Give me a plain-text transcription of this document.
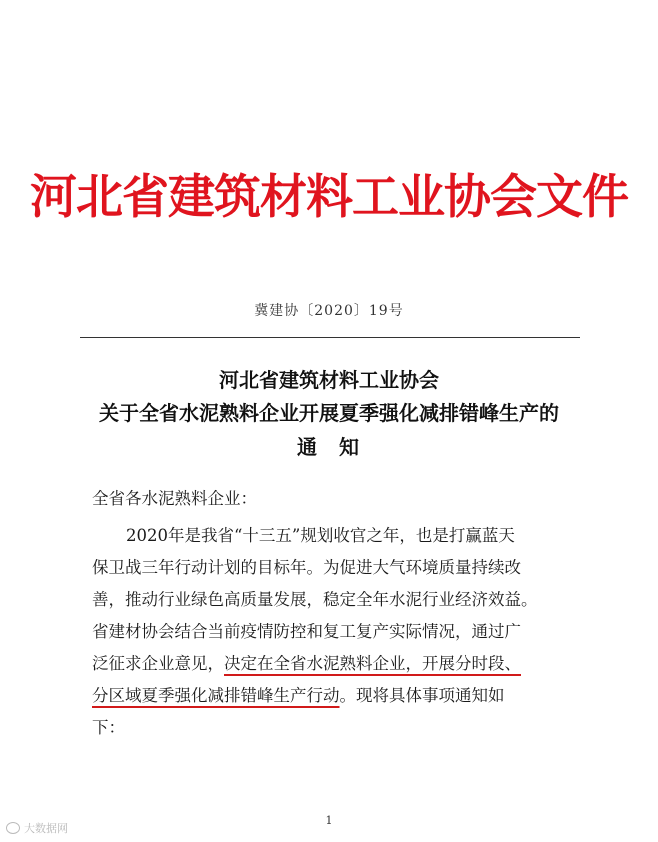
河北省建筑材料工业协会文件
冀建协〔2020〕19号
河北省建筑材料工业协会
关于全省水泥熟料企业开展夏季强化减排错峰生产的
通知
全省各水泥熟料企业：
2020年是我省“十三五”规划收官之年，也是打赢蓝天
保卫战三年行动计划的目标年。为促进大气环境质量持续改
善，推动行业绿色高质量发展，稳定全年水泥行业经济效益。
省建材协会结合当前疫情防控和复工复产实际情况，通过广
泛征求企业意见，决定在全省水泥熟料企业，开展分时段、
分区域夏季强化减排错峰生产行动。现将具体事项通知如
下：
1
大数据网
